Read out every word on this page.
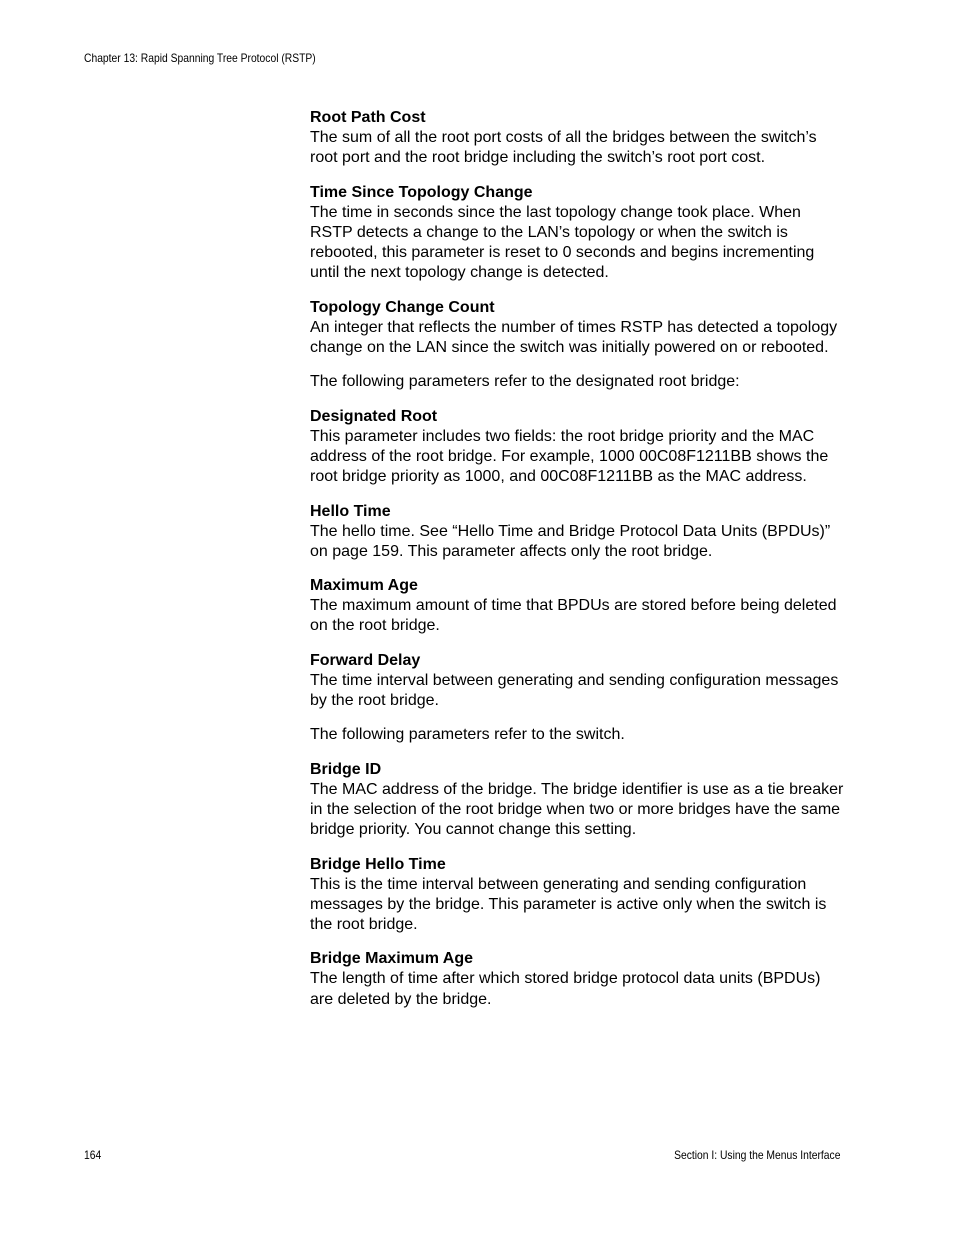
Chapter 13: Rapid Spanning Tree Protocol (RSTP)
Root Path Cost
The sum of all the root port costs of all the bridges between the switch’s root port and the root bridge including the switch’s root port cost.
Time Since Topology Change
The time in seconds since the last topology change took place. When RSTP detects a change to the LAN’s topology or when the switch is rebooted, this parameter is reset to 0 seconds and begins incrementing until the next topology change is detected.
Topology Change Count
An integer that reflects the number of times RSTP has detected a topology change on the LAN since the switch was initially powered on or rebooted.
The following parameters refer to the designated root bridge:
Designated Root
This parameter includes two fields: the root bridge priority and the MAC address of the root bridge. For example, 1000 00C08F1211BB shows the root bridge priority as 1000, and 00C08F1211BB as the MAC address.
Hello Time
The hello time. See “Hello Time and Bridge Protocol Data Units (BPDUs)” on page 159. This parameter affects only the root bridge.
Maximum Age
The maximum amount of time that BPDUs are stored before being deleted on the root bridge.
Forward Delay
The time interval between generating and sending configuration messages by the root bridge.
The following parameters refer to the switch.
Bridge ID
The MAC address of the bridge. The bridge identifier is use as a tie breaker in the selection of the root bridge when two or more bridges have the same bridge priority. You cannot change this setting.
Bridge Hello Time
This is the time interval between generating and sending configuration messages by the bridge. This parameter is active only when the switch is the root bridge.
Bridge Maximum Age
The length of time after which stored bridge protocol data units (BPDUs) are deleted by the bridge.
164	Section I: Using the Menus Interface
